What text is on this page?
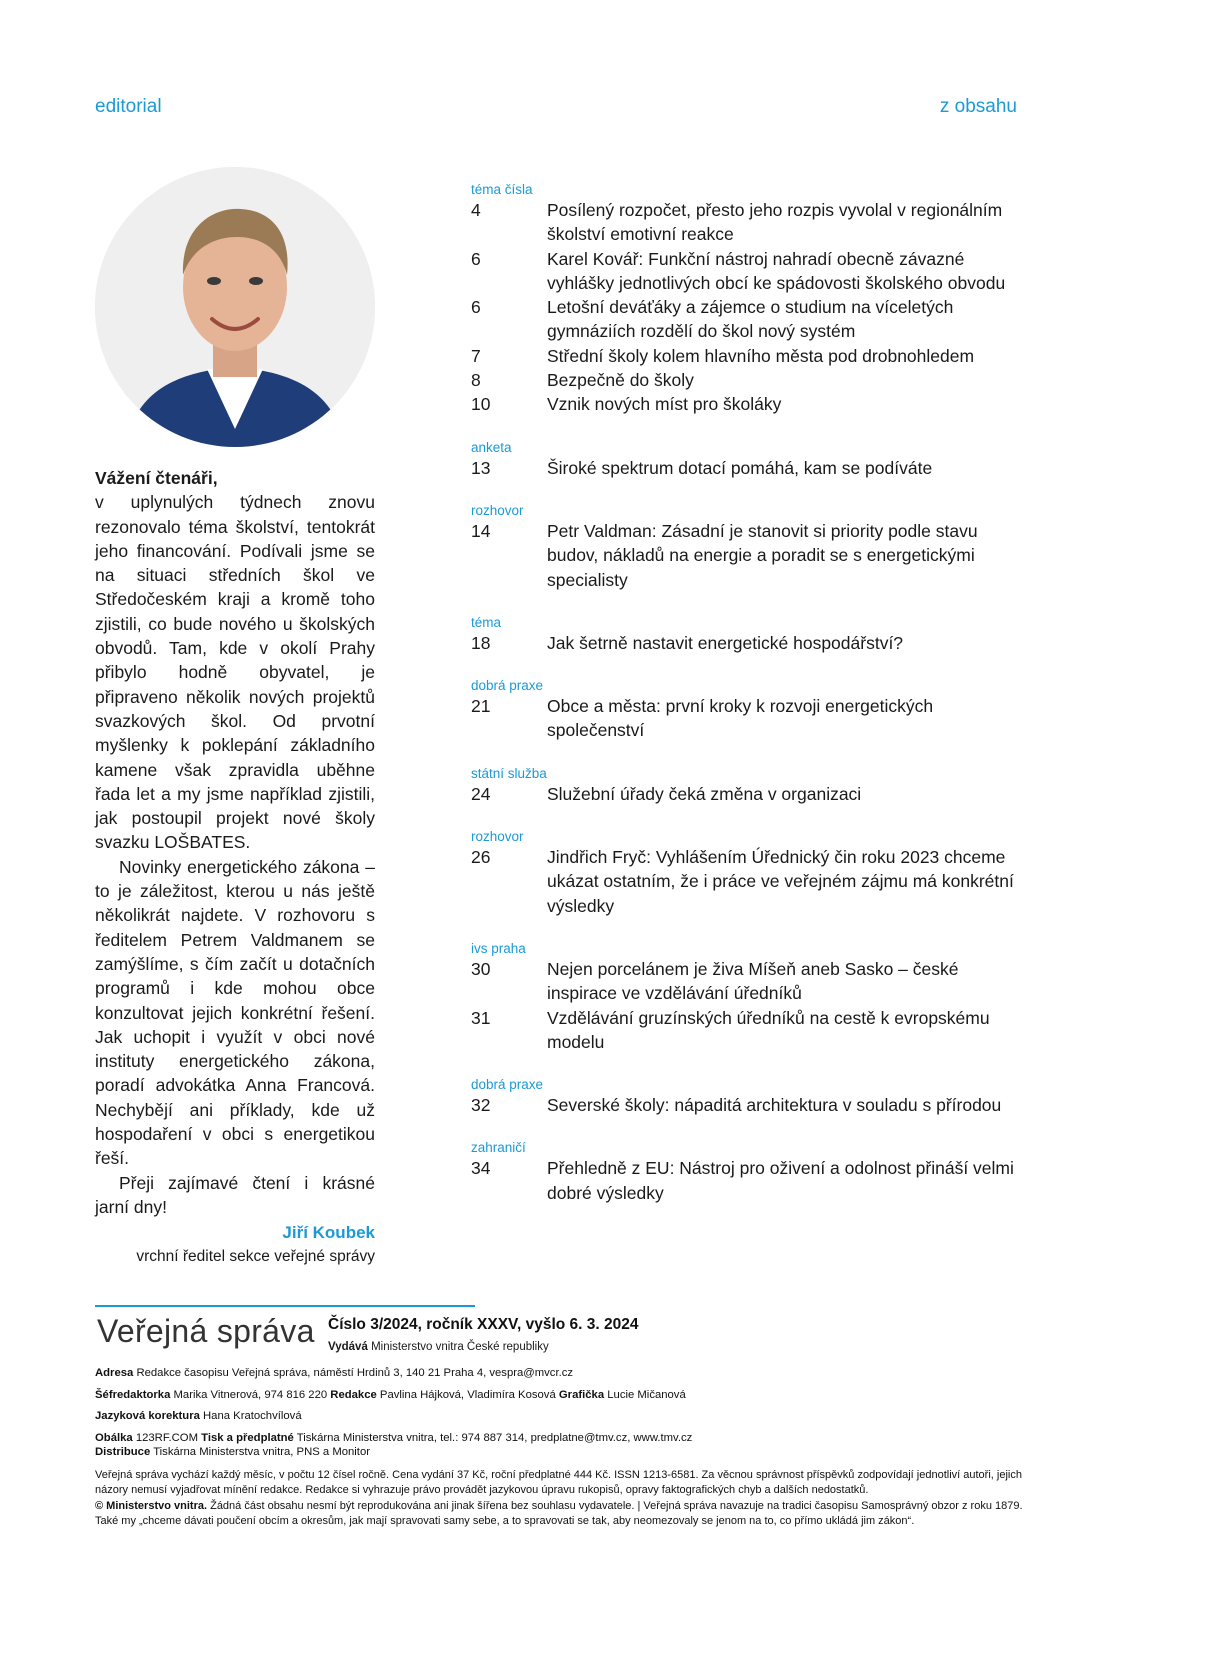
editorial	z obsahu
Vážení čtenáři,

v uplynulých týdnech znovu rezonovalo téma školství, tentokrát jeho financování. Podívali jsme se na situaci středních škol ve Středočeském kraji a kromě toho zjistili, co bude nového u školských obvodů. Tam, kde v okolí Prahy přibylo hodně obyvatel, je připraveno několik nových projektů svazkových škol. Od prvotní myšlenky k poklepání základního kamene však zpravidla uběhne řada let a my jsme například zjistili, jak postoupil projekt nové školy svazku LOŠBATES.

Novinky energetického zákona – to je záležitost, kterou u nás ještě několikrát najdete. V rozhovoru s ředitelem Petrem Valdmanem se zamýšlíme, s čím začít u dotačních programů i kde mohou obce konzultovat jejich konkrétní řešení. Jak uchopit i využít v obci nové instituty energetického zákona, poradí advokátka Anna Francová. Nechybějí ani příklady, kde už hospodaření v obci s energetikou řeší.

Přeji zajímavé čtení i krásné jarní dny!

Jiří Koubek
vrchní ředitel sekce veřejné správy
téma čísla
4	Posílený rozpočet, přesto jeho rozpis vyvolal v regionálním školství emotivní reakce
6	Karel Kovář: Funkční nástroj nahradí obecně závazné vyhlášky jednotlivých obcí ke spádovosti školského obvodu
6	Letošní deváťáky a zájemce o studium na víceletých gymnáziích rozdělí do škol nový systém
7	Střední školy kolem hlavního města pod drobnohledem
8	Bezpečně do školy
10	Vznik nových míst pro školáky
anketa
13	Široké spektrum dotací pomáhá, kam se podíváte
rozhovor
14	Petr Valdman: Zásadní je stanovit si priority podle stavu budov, nákladů na energie a poradit se s energetickými specialisty
téma
18	Jak šetrně nastavit energetické hospodářství?
dobrá praxe
21	Obce a města: první kroky k rozvoji energetických společenství
státní služba
24	Služební úřady čeká změna v organizaci
rozhovor
26	Jindřich Fryč: Vyhlášením Úřednický čin roku 2023 chceme ukázat ostatním, že i práce ve veřejném zájmu má konkrétní výsledky
ivs praha
30	Nejen porcelánem je živa Míšeň aneb Sasko – české inspirace ve vzdělávání úředníků
31	Vzdělávání gruzínských úředníků na cestě k evropskému modelu
dobrá praxe
32	Severské školy: nápaditá architektura v souladu s přírodou
zahraničí
34	Přehledně z EU: Nástroj pro oživení a odolnost přináší velmi dobré výsledky
Veřejná správa Číslo 3/2024, ročník XXXV, vyšlo 6. 3. 2024
Vydává Ministerstvo vnitra České republiky
Adresa Redakce časopisu Veřejná správa, náměstí Hrdinů 3, 140 21 Praha 4, vespra@mvcr.cz
Šéfredaktorka Marika Vitnerová, 974 816 220 Redakce Pavlina Hájková, Vladimíra Kosová Grafička Lucie Mičanová
Jazyková korektura Hana Kratochvílová
Obálka 123RF.COM Tisk a předplatné Tiskárna Ministerstva vnitra, tel.: 974 887 314, predplatne@tmv.cz, www.tmv.cz
Distribuce Tiskárna Ministerstva vnitra, PNS a Monitor
Veřejná správa vychází každý měsíc, v počtu 12 čísel ročně. Cena vydání 37 Kč, roční předplatné 444 Kč. ISSN 1213-6581. Za věcnou správnost příspěvků zodpovídají jednotliví autoři, jejich názory nemusí vyjadřovat mínění redakce. Redakce si vyhrazuje právo provádět jazykovou úpravu rukopisů, opravy faktografických chyb a dalších nedostatků.
© Ministerstvo vnitra. Žádná část obsahu nesmí být reprodukována ani jinak šířena bez souhlasu vydavatele. | Veřejná správa navazuje na tradici časopisu Samosprávný obzor z roku 1879. Také my „chceme dávati poučení obcím a okresům, jak mají spravovati samy sebe, a to spravovati se tak, aby neomezovaly se jenom na to, co přímo ukládá jim zákon“.
